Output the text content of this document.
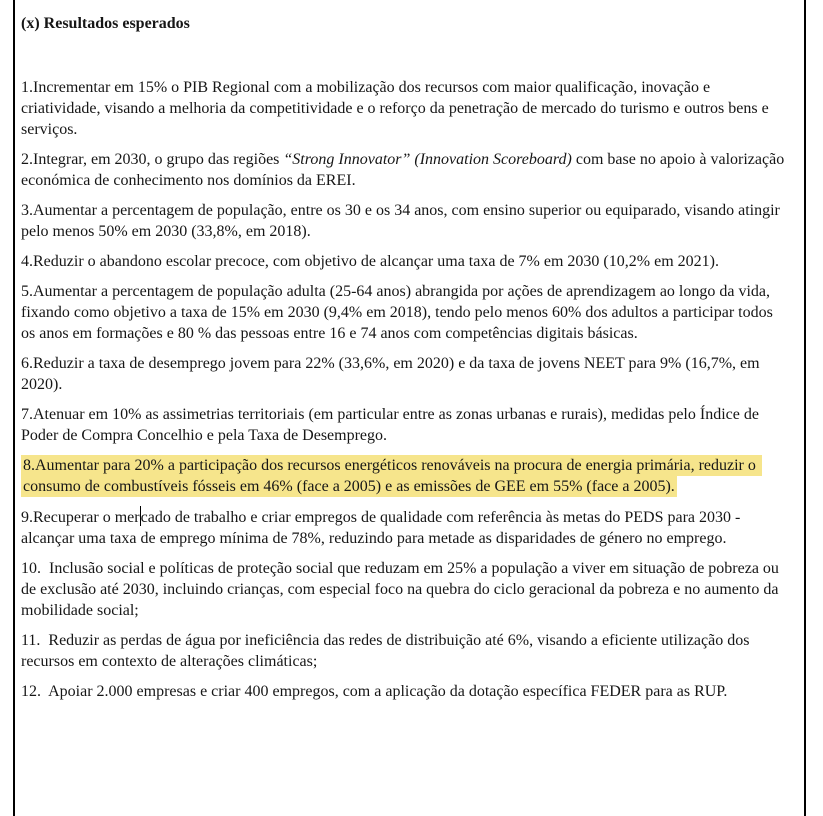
(x) Resultados esperados

1.Incrementar em 15% o PIB Regional com a mobilização dos recursos com maior qualificação, inovação e criatividade, visando a melhoria da competitividade e o reforço da penetração de mercado do turismo e outros bens e serviços.

2.Integrar, em 2030, o grupo das regiões “Strong Innovator” (Innovation Scoreboard) com base no apoio à valorização económica de conhecimento nos domínios da EREI.

3.Aumentar a percentagem de população, entre os 30 e os 34 anos, com ensino superior ou equiparado, visando atingir pelo menos 50% em 2030 (33,8%, em 2018).

4.Reduzir o abandono escolar precoce, com objetivo de alcançar uma taxa de 7% em 2030 (10,2% em 2021).

5.Aumentar a percentagem de população adulta (25-64 anos) abrangida por ações de aprendizagem ao longo da vida, fixando como objetivo a taxa de 15% em 2030 (9,4% em 2018), tendo pelo menos 60% dos adultos a participar todos os anos em formações e 80 % das pessoas entre 16 e 74 anos com competências digitais básicas.

6.Reduzir a taxa de desemprego jovem para 22% (33,6%, em 2020) e da taxa de jovens NEET para 9% (16,7%, em 2020).

7.Atenuar em 10% as assimetrias territoriais (em particular entre as zonas urbanas e rurais), medidas pelo Índice de Poder de Compra Concelhio e pela Taxa de Desemprego.

8.Aumentar para 20% a participação dos recursos energéticos renováveis na procura de energia primária, reduzir o consumo de combustíveis fósseis em 46% (face a 2005) e as emissões de GEE em 55% (face a 2005).

9.Recuperar o mercado de trabalho e criar empregos de qualidade com referência às metas do PEDS para 2030 - alcançar uma taxa de emprego mínima de 78%, reduzindo para metade as disparidades de género no emprego.

10.  Inclusão social e políticas de proteção social que reduzam em 25% a população a viver em situação de pobreza ou de exclusão até 2030, incluindo crianças, com especial foco na quebra do ciclo geracional da pobreza e no aumento da mobilidade social;

11.  Reduzir as perdas de água por ineficiência das redes de distribuição até 6%, visando a eficiente utilização dos recursos em contexto de alterações climáticas;

12.  Apoiar 2.000 empresas e criar 400 empregos, com a aplicação da dotação específica FEDER para as RUP.
